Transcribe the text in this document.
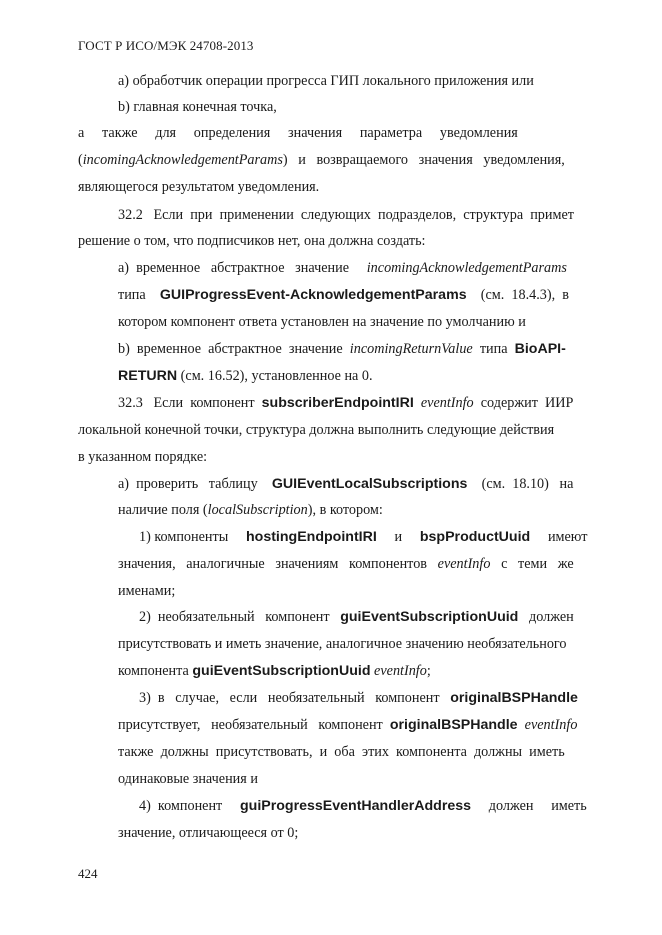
ГОСТ Р ИСО/МЭК 24708-2013
а) обработчик операции прогресса ГИП локального приложения или
b) главная конечная точка,
а     также     для     определения     значения     параметра     уведомления
(incomingAcknowledgementParams)   и   возвращаемого   значения   уведомления,
являющегося результатом уведомления.
32.2   Если  при  применении  следующих  подразделов,  структура  примет
решение о том, что подписчиков нет, она должна создать:
а)  временное   абстрактное   значение incomingAcknowledgementParams
типа GUIProgressEvent-AcknowledgementParams (см.  18.4.3),  в
котором компонент ответа установлен на значение по умолчанию и
b)  временное  абстрактное  значение incomingReturnValue типа BioAPI-
RETURN (см. 16.52), установленное на 0.
32.3   Если  компонент subscriberEndpointIRI eventInfo содержит  ИИР
локальной конечной точки, структура должна выполнить следующие действия
в указанном порядке:
а)  проверить   таблицу GUIEventLocalSubscriptions (см.  18.10)   на
наличие поля (localSubscription), в котором:
1) компоненты hostingEndpointIRI и bspProductUuid имеют
значения,   аналогичные   значениям   компонентов eventInfo с   теми   же
именами;
2)  необязательный   компонент guiEventSubscriptionUuid должен
присутствовать и иметь значение, аналогичное значению необязательного
компонента guiEventSubscriptionUuid eventInfo;
3)  в   случае,   если   необязательный   компонент originalBSPHandle
присутствует,   необязательный   компонент originalBSPHandle eventInfo
также  должны  присутствовать,  и  оба  этих  компонента  должны  иметь
одинаковые значения и
4)  компонент guiProgressEventHandlerAddress должен     иметь
значение, отличающееся от 0;
424
